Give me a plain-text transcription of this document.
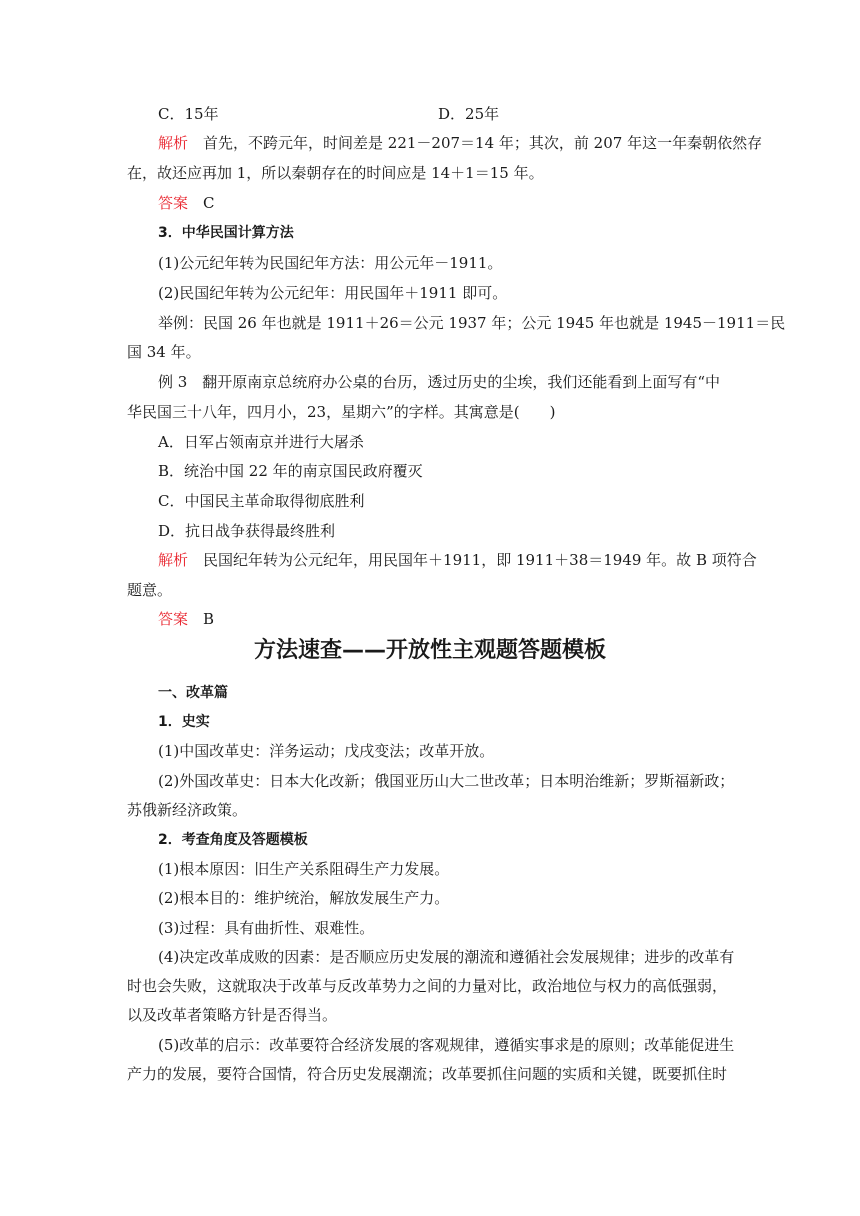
C．15年	D．25年
解析　 首先，不跨元年，时间差是 221－207＝14 年；其次，前 207 年这一年秦朝依然存
在，故还应再加 1，所以秦朝存在的时间应是 14＋1＝15 年。
答案　 C
3．中华民国计算方法
(1)公元纪年转为民国纪年方法：用公元年－1911。
(2)民国纪年转为公元纪年：用民国年＋1911 即可。
举例：民国 26 年也就是 1911＋26＝公元 1937 年；公元 1945 年也就是 1945－1911＝民
国 34 年。
例 3　翻开原南京总统府办公桌的台历，透过历史的尘埃，我们还能看到上面写有“中
华民国三十八年，四月小，23，星期六”的字样。其寓意是(　　)
A．日军占领南京并进行大屠杀
B．统治中国 22 年的南京国民政府覆灭
C．中国民主革命取得彻底胜利
D．抗日战争获得最终胜利
解析　 民国纪年转为公元纪年，用民国年＋1911，即 1911＋38＝1949 年。故 B 项符合
题意。
答案　 B
方法速查——开放性主观题答题模板
一、改革篇
1．史实
(1)中国改革史：洋务运动；戊戌变法；改革开放。
(2)外国改革史：日本大化改新；俄国亚历山大二世改革；日本明治维新；罗斯福新政；
苏俄新经济政策。
2．考查角度及答题模板
(1)根本原因：旧生产关系阻碍生产力发展。
(2)根本目的：维护统治，解放发展生产力。
(3)过程：具有曲折性、艰难性。
(4)决定改革成败的因素：是否顺应历史发展的潮流和遵循社会发展规律；进步的改革有
时也会失败，这就取决于改革与反改革势力之间的力量对比，政治地位与权力的高低强弱，
以及改革者策略方针是否得当。
(5)改革的启示：改革要符合经济发展的客观规律，遵循实事求是的原则；改革能促进生
产力的发展，要符合国情，符合历史发展潮流；改革要抓住问题的实质和关键，既要抓住时
